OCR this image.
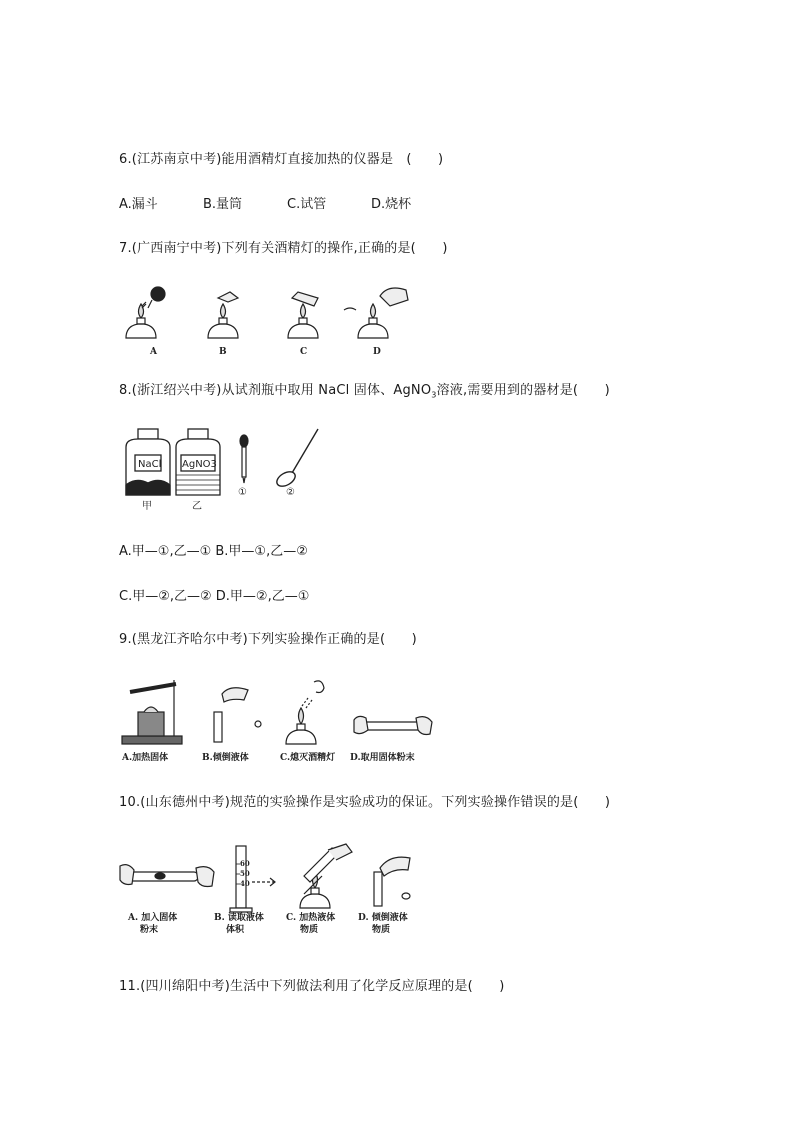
6.(江苏南京中考)能用酒精灯直接加热的仪器是　(　　)
A.漏斗	B.量筒	C.试管	D.烧杯
7.(广西南宁中考)下列有关酒精灯的操作,正确的是(　　)
A	B	C	D
8.(浙江绍兴中考)从试剂瓶中取用 NaCl 固体、AgNO$_3$溶液,需要用到的器材是(　　)
NaCl
甲
AgNO3
乙
①	②
A.甲—①,乙—① B.甲—①,乙—②
C.甲—②,乙—② D.甲—②,乙—①
9.(黑龙江齐哈尔中考)下列实验操作正确的是(　　)
A.加热固体	B.倾倒液体	C.熄灭酒精灯 D.取用固体粉末
10.(山东德州中考)规范的实验操作是实验成功的保证。下列实验操作错误的是(　　)
A. 加入固体
粉末
60
50
40
B. 读取液体
体积
C. 加热液体
物质
D. 倾倒液体
物质
11.(四川绵阳中考)生活中下列做法利用了化学反应原理的是(　　)
